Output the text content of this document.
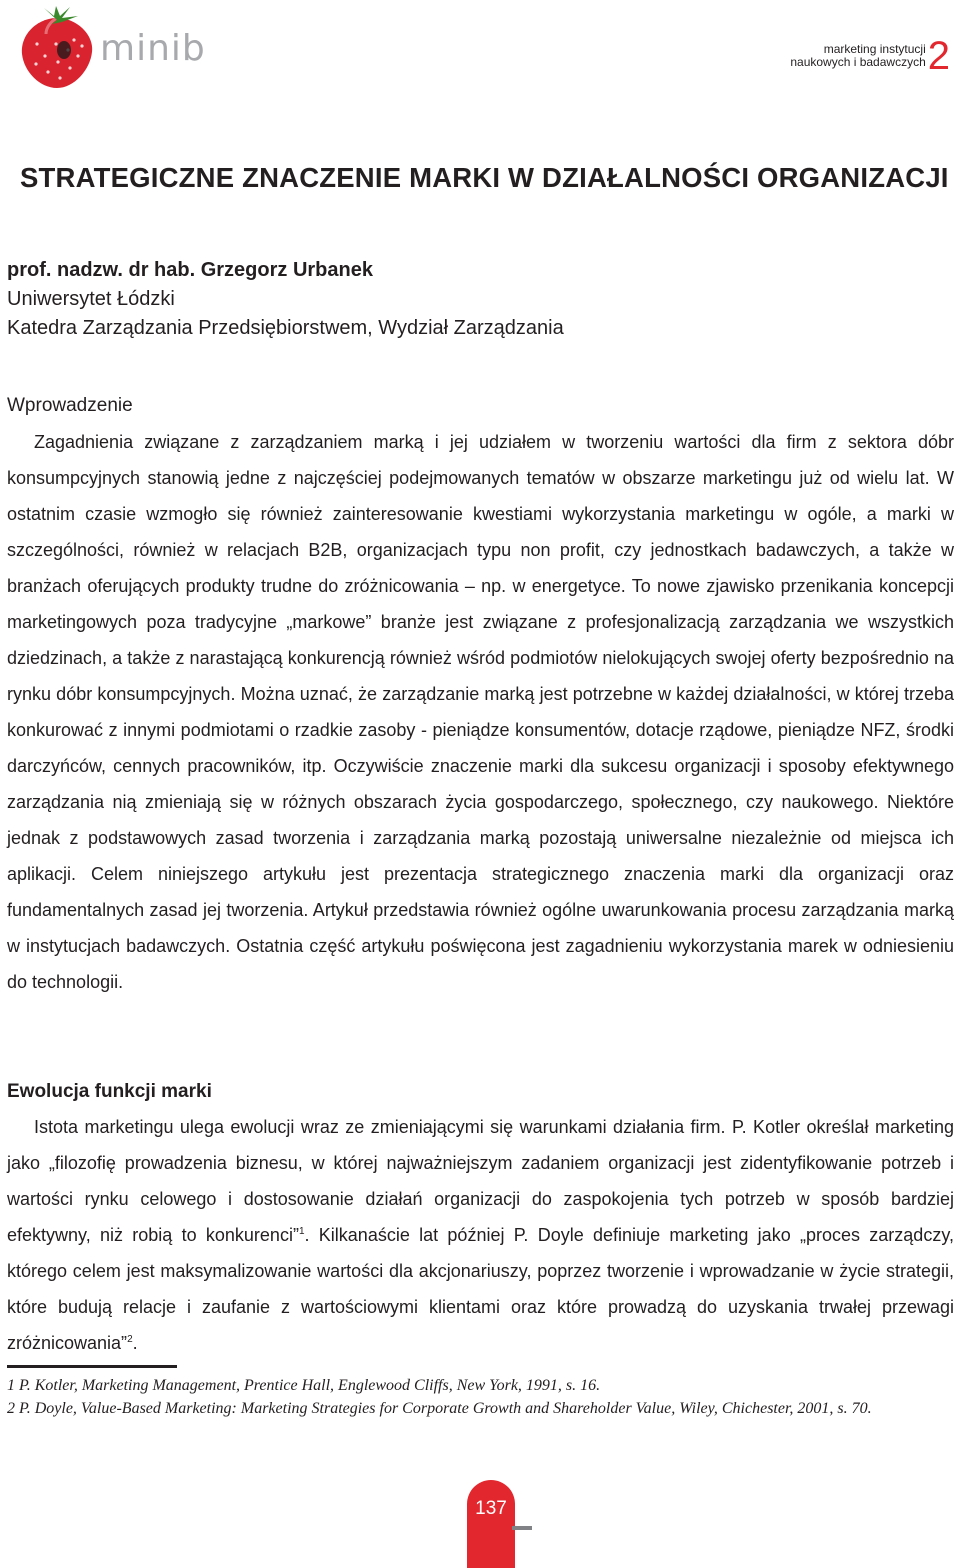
minib	marketing instytucji
naukowych i badawczych 2
STRATEGICZNE ZNACZENIE MARKI W DZIAŁALNOŚCI ORGANIZACJI
prof. nadzw. dr hab. Grzegorz Urbanek
Uniwersytet Łódzki
Katedra Zarządzania Przedsiębiorstwem, Wydział Zarządzania
Wprowadzenie

Zagadnienia związane z zarządzaniem marką i jej udziałem w tworzeniu wartości dla firm z sektora dóbr konsumpcyjnych stanowią jedne z najczęściej podejmowanych tematów w obszarze marketingu już od wielu lat. W ostatnim czasie wzmogło się również zainteresowanie kwestiami wykorzystania marketingu w ogóle, a marki w szczególności, również w relacjach B2B, organizacjach typu non profit, czy jednostkach badawczych, a także w branżach oferujących produkty trudne do zróżnicowania – np. w energetyce. To nowe zjawisko przenikania koncepcji marketingowych poza tradycyjne „markowe” branże jest związane z profesjonalizacją zarządzania we wszystkich dziedzinach, a także z narastającą konkurencją również wśród podmiotów nielokujących swojej oferty bezpośrednio na rynku dóbr konsumpcyjnych. Można uznać, że zarządzanie marką jest potrzebne w każdej działalności, w której trzeba konkurować z innymi podmiotami o rzadkie zasoby - pieniądze konsumentów, dotacje rządowe, pieniądze NFZ, środki darczyńców, cennych pracowników, itp. Oczywiście znaczenie marki dla sukcesu organizacji i sposoby efektywnego zarządzania nią zmieniają się w różnych obszarach życia gospodarczego, społecznego, czy naukowego. Niektóre jednak z podstawowych zasad tworzenia i zarządzania marką pozostają uniwersalne niezależnie od miejsca ich aplikacji. Celem niniejszego artykułu jest prezentacja strategicznego znaczenia marki dla organizacji oraz fundamentalnych zasad jej tworzenia. Artykuł przedstawia również ogólne uwarunkowania procesu zarządzania marką w instytucjach badawczych. Ostatnia część artykułu poświęcona jest zagadnieniu wykorzystania marek w odniesieniu do technologii.

Ewolucja funkcji marki

Istota marketingu ulega ewolucji wraz ze zmieniającymi się warunkami działania firm. P. Kotler określał marketing jako „filozofię prowadzenia biznesu, w której najważniejszym zadaniem organizacji jest zidentyfikowanie potrzeb i wartości rynku celowego i dostosowanie działań organizacji do zaspokojenia tych potrzeb w sposób bardziej efektywny, niż robią to konkurenci”$^1$. Kilkanaście lat później P. Doyle definiuje marketing jako „proces zarządczy, którego celem jest maksymalizowanie wartości dla akcjonariuszy, poprzez tworzenie i wprowadzanie w życie strategii, które budują relacje i zaufanie z wartościowymi klientami oraz które prowadzą do uzyskania trwałej przewagi zróżnicowania”$^2$.

1 P. Kotler, Marketing Management, Prentice Hall, Englewood Cliffs, New York, 1991, s. 16.
2 P. Doyle, Value-Based Marketing: Marketing Strategies for Corporate Growth and Shareholder Value, Wiley, Chichester, 2001, s. 70.
137
